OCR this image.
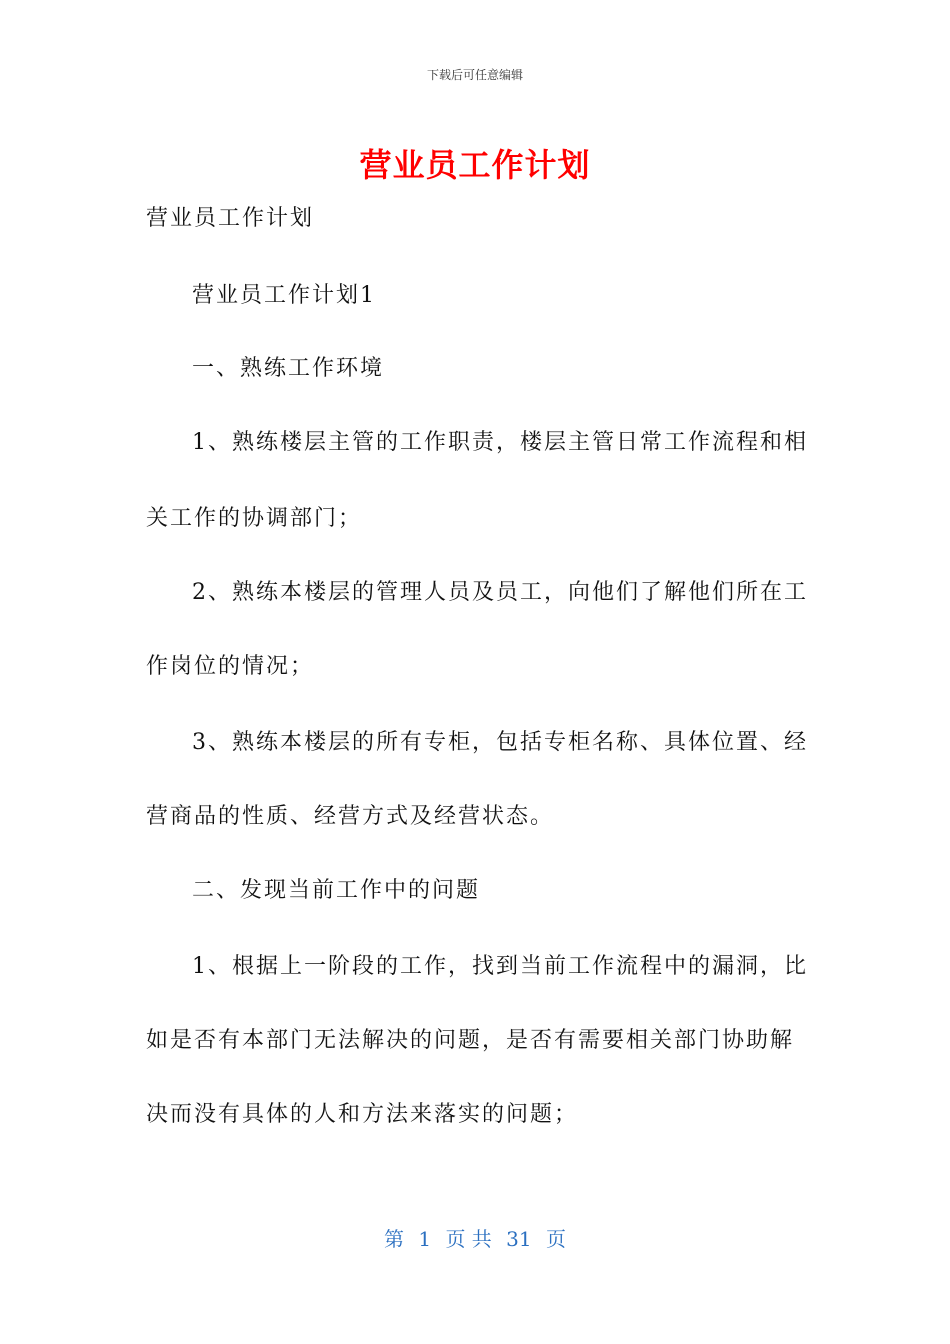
下载后可任意编辑
营业员工作计划
营业员工作计划
营业员工作计划1
一、熟练工作环境
1、熟练楼层主管的工作职责，楼层主管日常工作流程和相
关工作的协调部门；
2、熟练本楼层的管理人员及员工，向他们了解他们所在工
作岗位的情况；
3、熟练本楼层的所有专柜，包括专柜名称、具体位置、经
营商品的性质、经营方式及经营状态。
二、发现当前工作中的问题
1、根据上一阶段的工作，找到当前工作流程中的漏洞，比
如是否有本部门无法解决的问题，是否有需要相关部门协助解
决而没有具体的人和方法来落实的问题；
第 1 页 共 31 页
